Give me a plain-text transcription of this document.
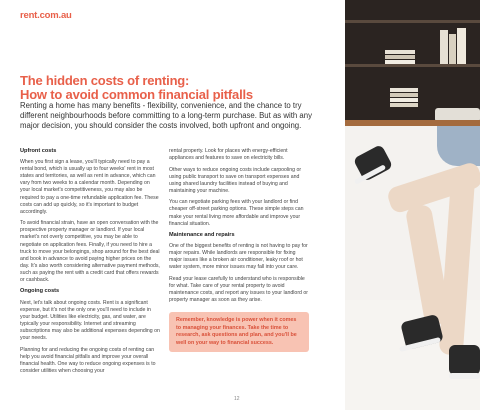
rent.com.au
The hidden costs of renting:
How to avoid common financial pitfalls
Renting a home has many benefits - flexibility, convenience, and the chance to try different neighbourhoods before committing to a long-term purchase. But as with any major decision, you should consider the costs involved, both upfront and ongoing.
Upfront costs

When you first sign a lease, you'll typically need to pay a rental bond, which is usually up to four weeks' rent in most states and territories, as well as rent in advance, which can vary from two weeks to a calendar month. Depending on your local market's competitiveness, you may also be required to pay a one-time refundable application fee. These costs can add up quickly, so it's important to budget accordingly.

To avoid financial strain, have an open conversation with the prospective property manager or landlord. If your local market's not overly competitive, you may be able to negotiate on application fees. Finally, if you need to hire a truck to move your belongings, shop around for the best deal and book in advance to avoid paying higher prices on the day. It's also worth considering alternative payment methods, such as paying the rent with a credit card that offers rewards or cashback.

Ongoing costs

Next, let's talk about ongoing costs. Rent is a significant expense, but it's not the only one you'll need to include in your budget. Utilities like electricity, gas, and water, are typically your responsibility. Internet and streaming subscriptions may also be additional expenses depending on your needs.

Planning for and reducing the ongoing costs of renting can help you avoid financial pitfalls and improve your overall financial health. One way to reduce ongoing expenses is to consider utilities when choosing your

rental property. Look for places with energy-efficient appliances and features to save on electricity bills.

Other ways to reduce ongoing costs include carpooling or using public transport to save on transport expenses and using shared laundry facilities instead of buying and maintaining your machine.

You can negotiate parking fees with your landlord or find cheaper off-street parking options. These simple steps can make your rental living more affordable and improve your financial situation.

Maintenance and repairs

One of the biggest benefits of renting is not having to pay for major repairs. While landlords are responsible for fixing major issues like a broken air conditioner, leaky roof or hot water system, more minor issues may fall into your care.

Read your lease carefully to understand who is responsible for what. Take care of your rental property to avoid maintenance costs, and report any issues to your landlord or property manager as soon as they arise.

Remember, knowledge is power when it comes to managing your finances. Take the time to research, ask questions and plan, and you'll be well on your way to financial success.
12
